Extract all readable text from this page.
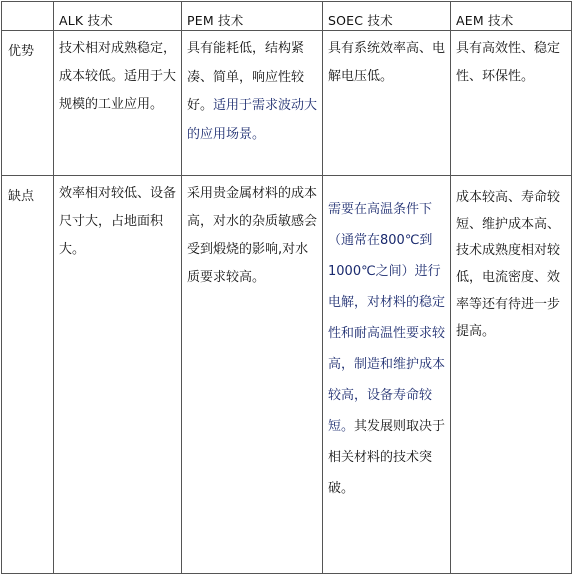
	ALK 技术	PEM 技术	SOEC 技术	AEM 技术

优势	技术相对成熟稳定，成本较低。适用于大规模的工业应用。	具有能耗低，结构紧凑、简单，响应性较好。适用于需求波动大的应用场景。	具有系统效率高、电解电压低。	具有高效性、稳定性、环保性。

缺点	效率相对较低、设备尺寸大，占地面积大。	采用贵金属材料的成本高，对水的杂质敏感会受到煅烧的影响,对水质要求较高。	需要在高温条件下（通常在800℃到1000℃之间）进行电解，对材料的稳定性和耐高温性要求较高，制造和维护成本较高，设备寿命较短。其发展则取决于相关材料的技术突破。	成本较高、寿命较短、维护成本高、技术成熟度相对较低，电流密度、效率等还有待进一步提高。
